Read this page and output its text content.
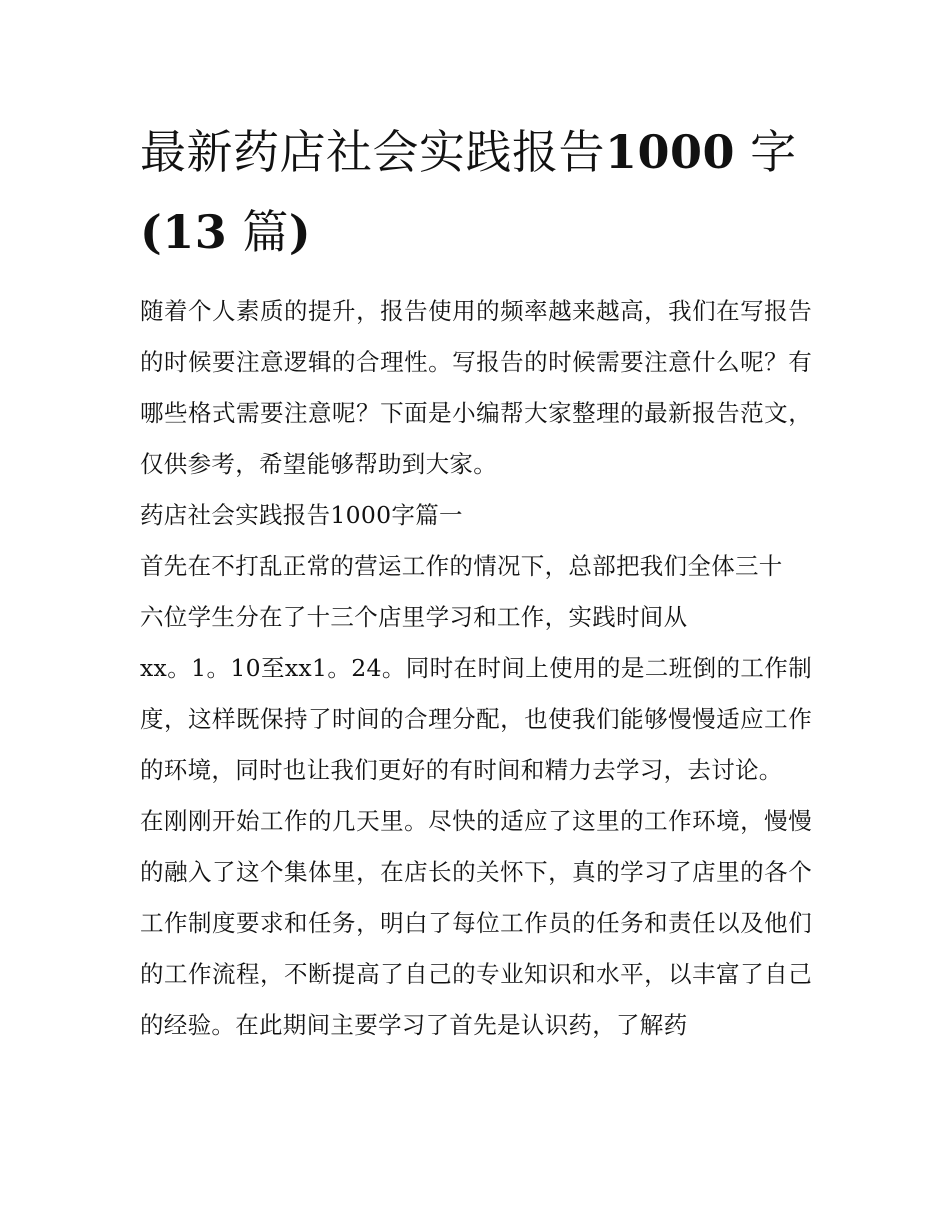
最新药店社会实践报告1000 字
(13 篇)

随着个人素质的提升，报告使用的频率越来越高，我们在写报告的时候要注意逻辑的合理性。写报告的时候需要注意什么呢？有哪些格式需要注意呢？下面是小编帮大家整理的最新报告范文，仅供参考，希望能够帮助到大家。

药店社会实践报告1000字篇一

首先在不打乱正常的营运工作的情况下，总部把我们全体三十
六位学生分在了十三个店里学习和工作，实践时间从
xx。1。10至xx1。24。同时在时间上使用的是二班倒的工作制度，这样既保持了时间的合理分配，也使我们能够慢慢适应工作的环境，同时也让我们更好的有时间和精力去学习，去讨论。

在刚刚开始工作的几天里。尽快的适应了这里的工作环境，慢慢的融入了这个集体里，在店长的关怀下，真的学习了店里的各个工作制度要求和任务，明白了每位工作员的任务和责任以及他们的工作流程，不断提高了自己的专业知识和水平，以丰富了自己的经验。在此期间主要学习了首先是认识药，了解药
